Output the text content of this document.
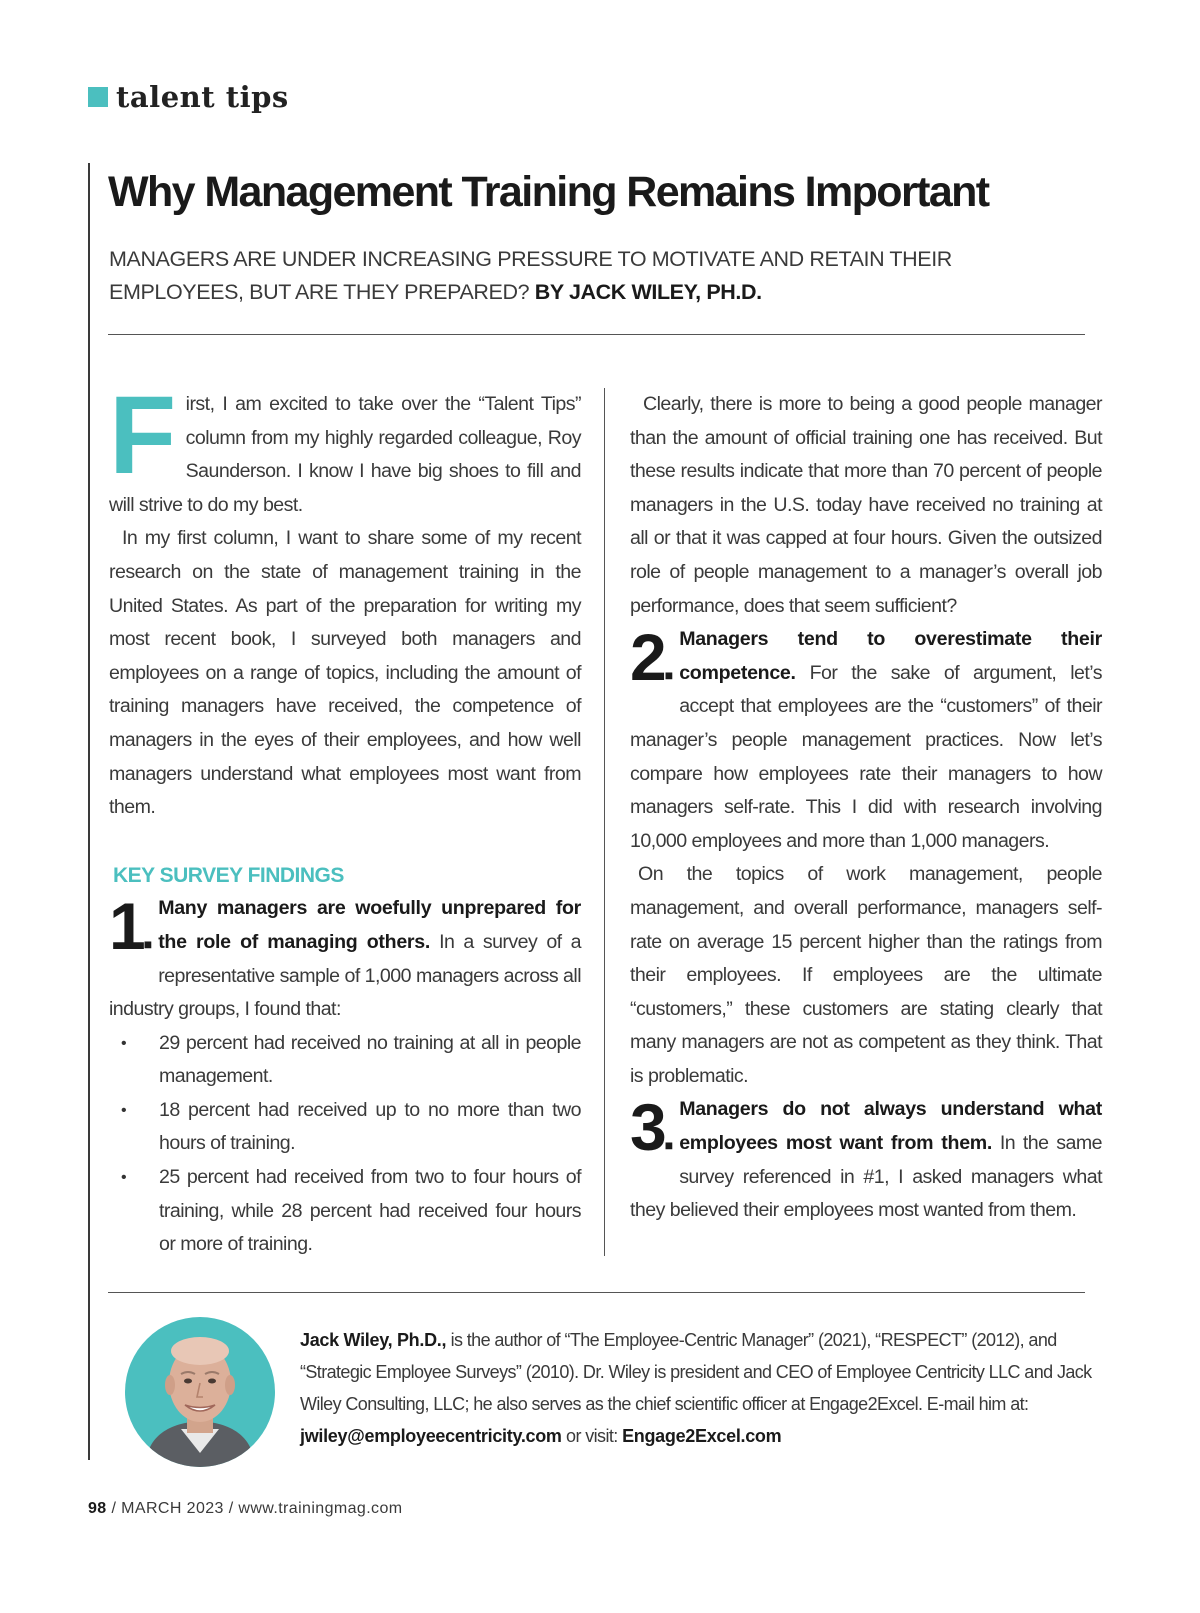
talent tips
Why Management Training Remains Important
MANAGERS ARE UNDER INCREASING PRESSURE TO MOTIVATE AND RETAIN THEIR EMPLOYEES, BUT ARE THEY PREPARED? BY JACK WILEY, PH.D.

First, I am excited to take over the “Talent Tips” column from my highly regarded colleague, Roy Saunderson. I know I have big shoes to fill and will strive to do my best.

In my first column, I want to share some of my recent research on the state of management training in the United States. As part of the preparation for writing my most recent book, I surveyed both managers and employees on a range of topics, including the amount of training managers have received, the competence of managers in the eyes of their employees, and how well managers understand what employees most want from them.

KEY SURVEY FINDINGS

1■
Many managers are woefully unprepared for the role of managing others. In a survey of a representative sample of 1,000 managers across all industry groups, I found that:

• 29 percent had received no training at all in people management.
• 18 percent had received up to no more than two hours of training.
• 25 percent had received from two to four hours of training, while 28 percent had received four hours or more of training.

Clearly, there is more to being a good people manager than the amount of official training one has received. But these results indicate that more than 70 percent of people managers in the U.S. today have received no training at all or that it was capped at four hours. Given the outsized role of people management to a manager’s overall job performance, does that seem sufficient?

2■
Managers tend to overestimate their competence. For the sake of argument, let’s accept that employees are the “customers” of their manager’s people management practices. Now let’s compare how employees rate their managers to how managers self-rate. This I did with research involving 10,000 employees and more than 1,000 managers.

On the topics of work management, people management, and overall performance, managers self-rate on average 15 percent higher than the ratings from their employees. If employees are the ultimate “customers,” these customers are stating clearly that many managers are not as competent as they think. That is problematic.

3■
Managers do not always understand what employees most want from them. In the same survey referenced in #1, I asked managers what they believed their employees most wanted from them.

Jack Wiley, Ph.D., is the author of “The Employee-Centric Manager” (2021), “RESPECT” (2012), and “Strategic Employee Surveys” (2010). Dr. Wiley is president and CEO of Employee Centricity LLC and Jack Wiley Consulting, LLC; he also serves as the chief scientific officer at Engage2Excel. E-mail him at: jwiley@employeecentricity.com or visit: Engage2Excel.com
98 / MARCH 2023 / www.trainingmag.com
